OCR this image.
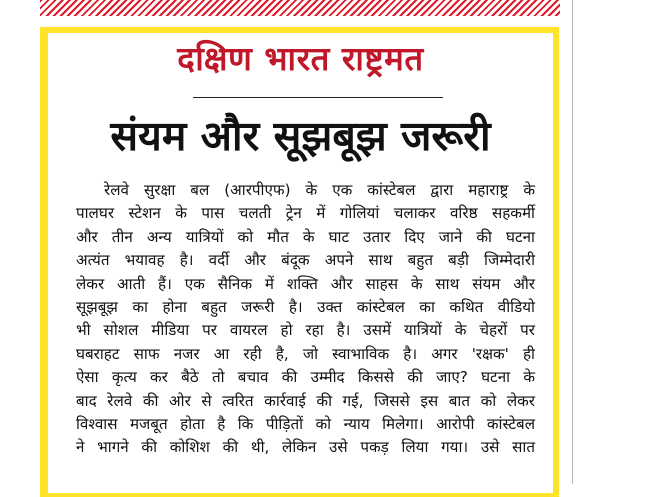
दक्षिण भारत राष्ट्रमत
संयम और सूझबूझ जरूरी
रेलवे सुरक्षा बल (आरपीएफ) के एक कांस्टेबल द्वारा महाराष्ट्र के
पालघर स्टेशन के पास चलती ट्रेन में गोलियां चलाकर वरिष्ठ सहकर्मी
और तीन अन्य यात्रियों को मौत के घाट उतार दिए जाने की घटना
अत्यंत भयावह है। वर्दी और बंदूक अपने साथ बहुत बड़ी जिम्मेदारी
लेकर आती हैं। एक सैनिक में शक्ति और साहस के साथ संयम और
सूझबूझ का होना बहुत जरूरी है। उक्त कांस्टेबल का कथित वीडियो
भी सोशल मीडिया पर वायरल हो रहा है। उसमें यात्रियों के चेहरों पर
घबराहट साफ नजर आ रही है, जो स्वाभाविक है। अगर 'रक्षक' ही
ऐसा कृत्य कर बैठे तो बचाव की उम्मीद किससे की जाए? घटना के
बाद रेलवे की ओर से त्वरित कार्रवाई की गई, जिससे इस बात को लेकर
विश्वास मजबूत होता है कि पीड़ितों को न्याय मिलेगा। आरोपी कांस्टेबल
ने भागने की कोशिश की थी, लेकिन उसे पकड़ लिया गया। उसे सात
